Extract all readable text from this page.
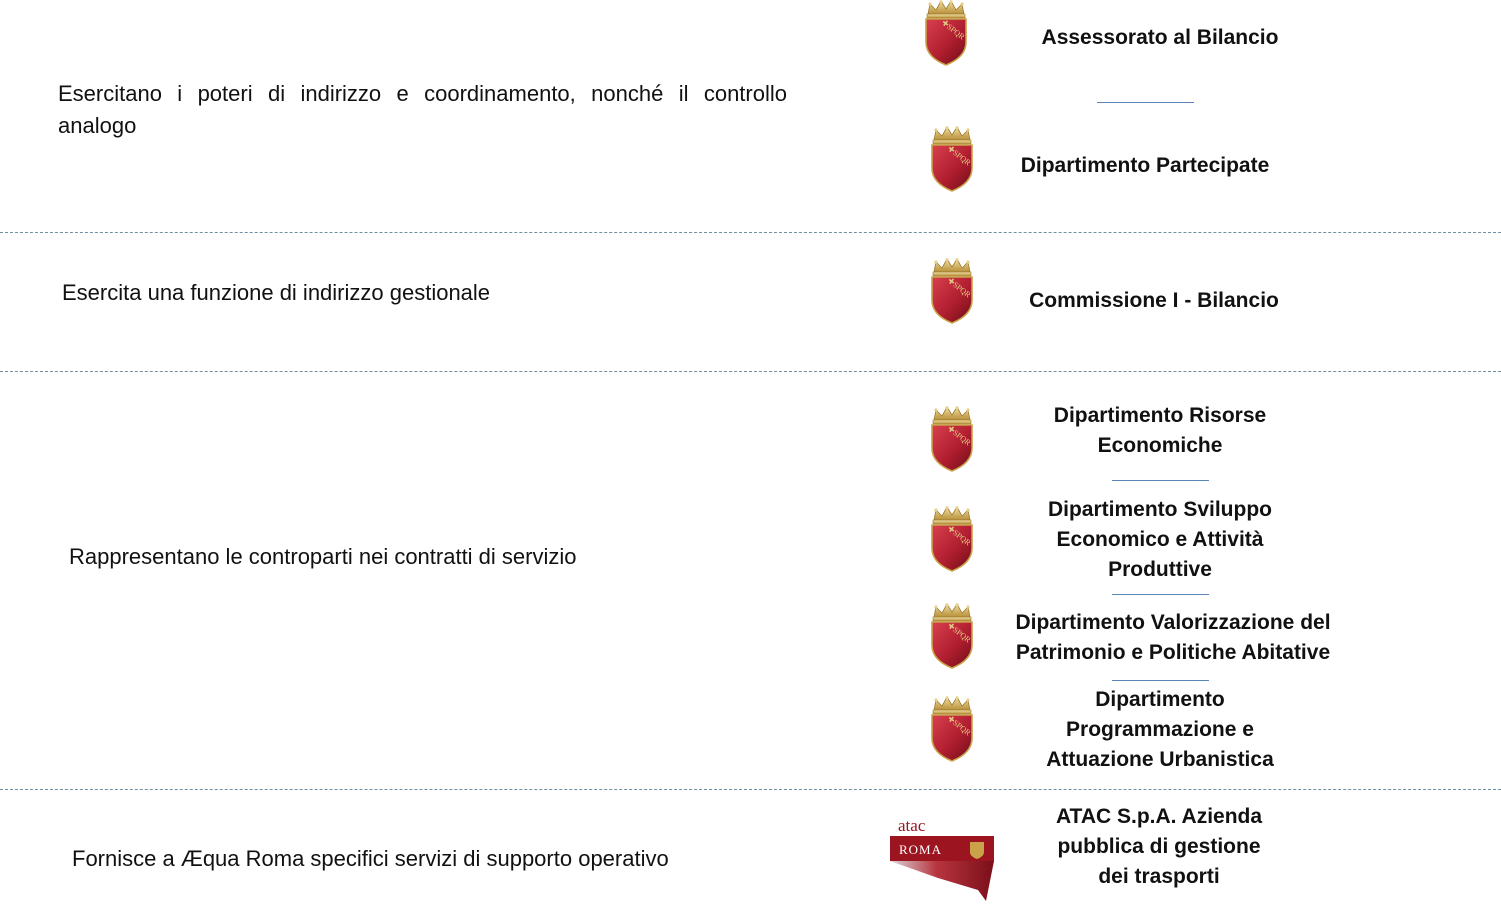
Esercitano i poteri di indirizzo e coordinamento, nonché il controllo analogo
Assessorato al Bilancio
Dipartimento Partecipate
Esercita una funzione di indirizzo gestionale	Commissione I - Bilancio
Rappresentano le controparti nei contratti di servizio
Dipartimento Risorse Economiche
Dipartimento Sviluppo Economico e Attività Produttive
Dipartimento Valorizzazione del Patrimonio e Politiche Abitative
Dipartimento Programmazione e Attuazione Urbanistica
Fornisce a Æqua Roma specifici servizi di supporto operativo
atac
ROMA
ATAC S.p.A. Azienda pubblica di gestione dei trasporti
